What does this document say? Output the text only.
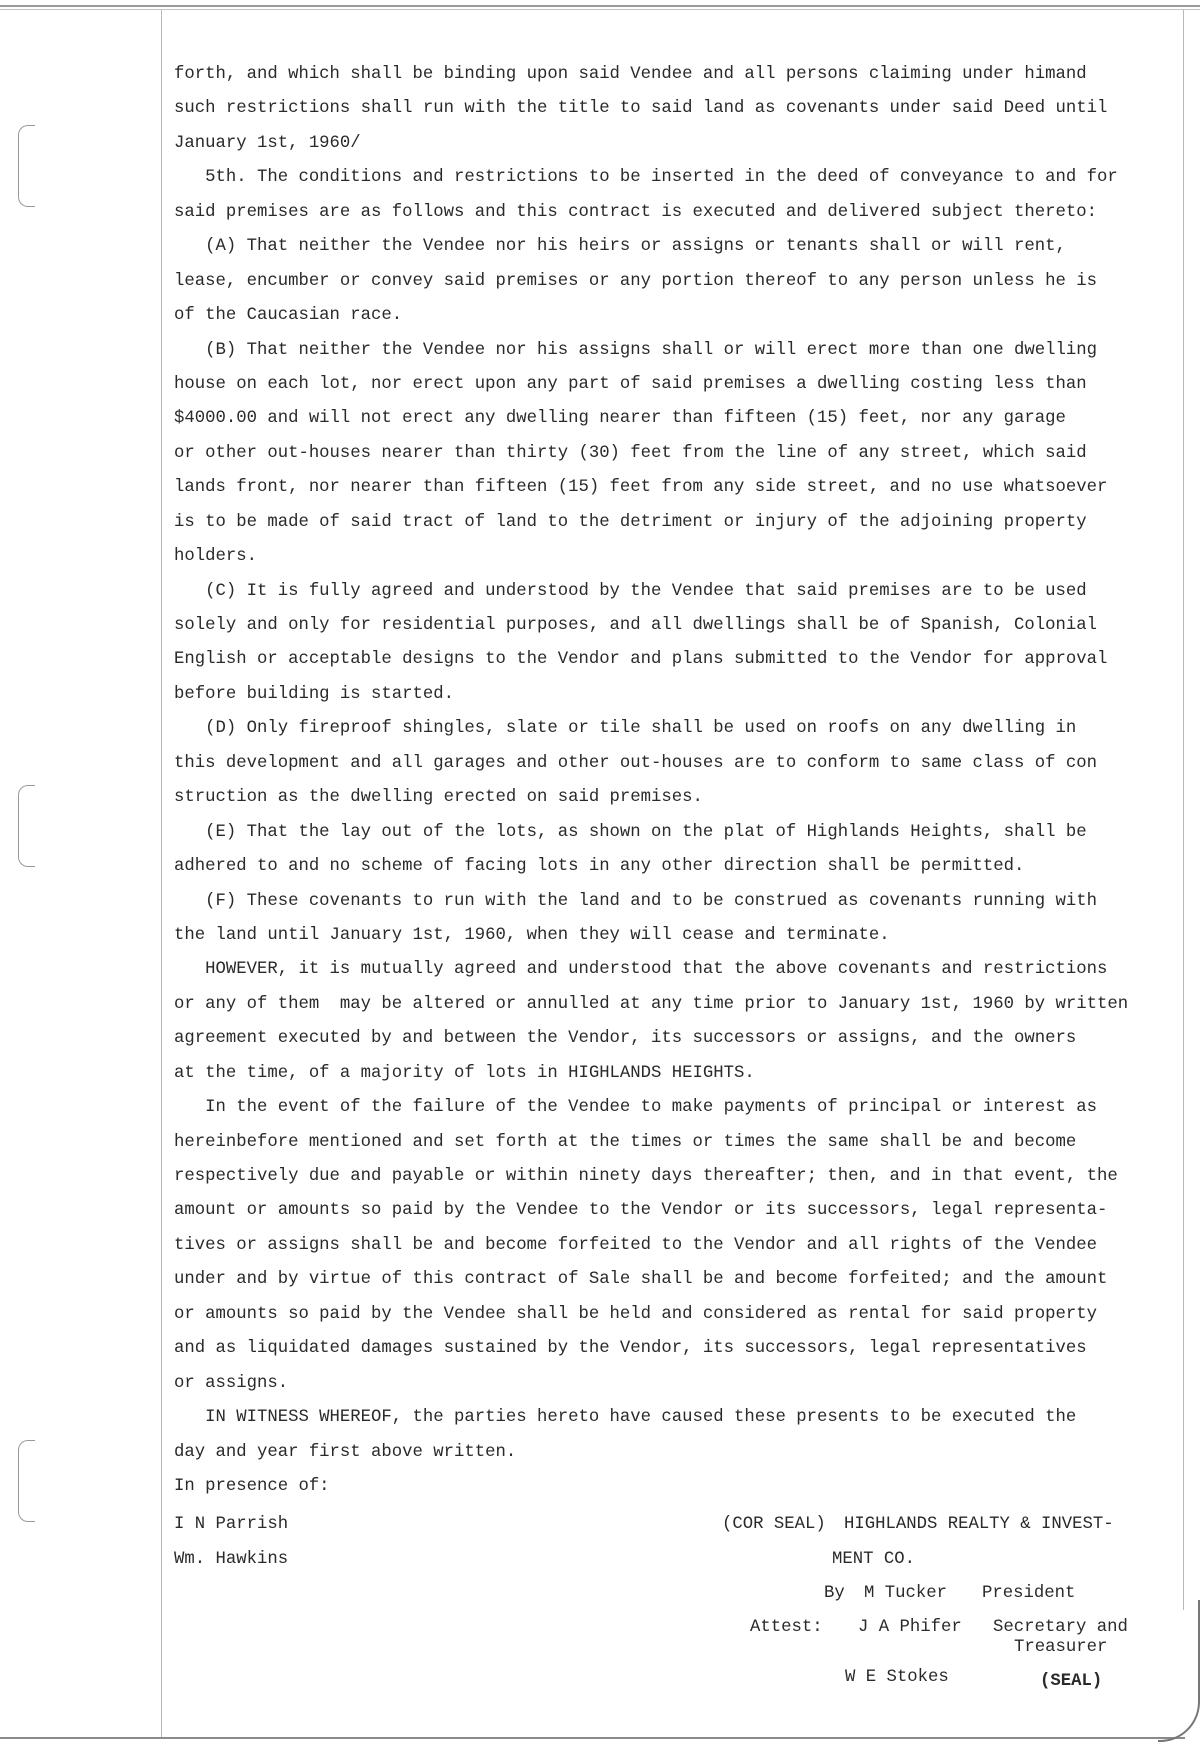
forth, and which shall be binding upon said Vendee and all persons claiming under himand
such restrictions shall run with the title to said land as covenants under said Deed until
January 1st, 1960/
5th. The conditions and restrictions to be inserted in the deed of conveyance to and for
said premises are as follows and this contract is executed and delivered subject thereto:
(A) That neither the Vendee nor his heirs or assigns or tenants shall or will rent,
lease, encumber or convey said premises or any portion thereof to any person unless he is
of the Caucasian race.
(B) That neither the Vendee nor his assigns shall or will erect more than one dwelling
house on each lot, nor erect upon any part of said premises a dwelling costing less than
$4000.00 and will not erect any dwelling nearer than fifteen (15) feet, nor any garage
or other out-houses nearer than thirty (30) feet from the line of any street, which said
lands front, nor nearer than fifteen (15) feet from any side street, and no use whatsoever
is to be made of said tract of land to the detriment or injury of the adjoining property
holders.
(C) It is fully agreed and understood by the Vendee that said premises are to be used
solely and only for residential purposes, and all dwellings shall be of Spanish, Colonial
English or acceptable designs to the Vendor and plans submitted to the Vendor for approval
before building is started.
(D) Only fireproof shingles, slate or tile shall be used on roofs on any dwelling in
this development and all garages and other out-houses are to conform to same class of con
struction as the dwelling erected on said premises.
(E) That the lay out of the lots, as shown on the plat of Highlands Heights, shall be
adhered to and no scheme of facing lots in any other direction shall be permitted.
(F) These covenants to run with the land and to be construed as covenants running with
the land until January 1st, 1960, when they will cease and terminate.
HOWEVER, it is mutually agreed and understood that the above covenants and restrictions
or any of them  may be altered or annulled at any time prior to January 1st, 1960 by written
agreement executed by and between the Vendor, its successors or assigns, and the owners
at the time, of a majority of lots in HIGHLANDS HEIGHTS.
In the event of the failure of the Vendee to make payments of principal or interest as
hereinbefore mentioned and set forth at the times or times the same shall be and become
respectively due and payable or within ninety days thereafter; then, and in that event, the
amount or amounts so paid by the Vendee to the Vendor or its successors, legal representa-
tives or assigns shall be and become forfeited to the Vendor and all rights of the Vendee
under and by virtue of this contract of Sale shall be and become forfeited; and the amount
or amounts so paid by the Vendee shall be held and considered as rental for said property
and as liquidated damages sustained by the Vendor, its successors, legal representatives
or assigns.
IN WITNESS WHEREOF, the parties hereto have caused these presents to be executed the
day and year first above written.
In presence of:
I N Parrish
Wm. Hawkins
(COR SEAL) HIGHLANDS REALTY & INVEST-
MENT CO.
By M Tucker President
Attest: J A Phifer Secretary and
Treasurer
W E Stokes	(SEAL)
